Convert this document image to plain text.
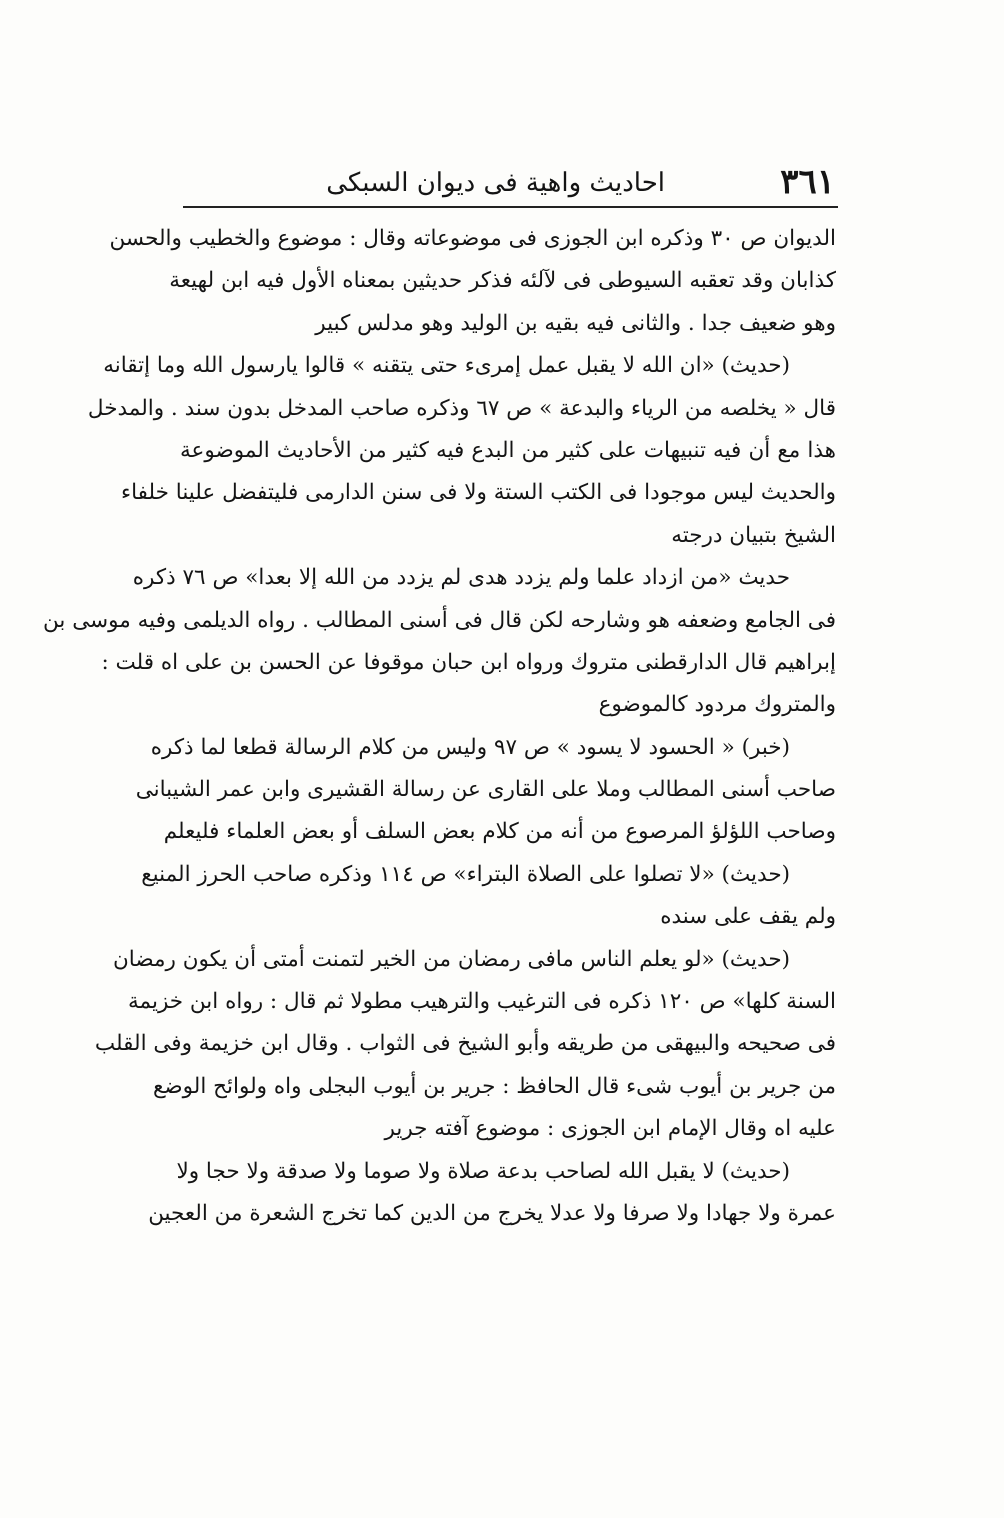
٣٦١
احاديث واهية فى ديوان السبكى
الديوان ص ٣٠ وذكره ابن الجوزى فى موضوعاته وقال : موضوع والخطيب والحسن
كذابان وقد تعقبه السيوطى فى لآلئه فذكر حديثين بمعناه الأول فيه ابن لهيعة
وهو ضعيف جدا . والثانى فيه بقيه بن الوليد وهو مدلس كبير
(حديث) «ان الله لا يقبل عمل إمرىء حتى يتقنه » قالوا يارسول الله وما إتقانه
قال « يخلصه من الرياء والبدعة » ص ٦٧ وذكره صاحب المدخل بدون سند . والمدخل
هذا مع أن فيه تنبيهات على كثير من البدع فيه كثير من الأحاديث الموضوعة
والحديث ليس موجودا فى الكتب الستة ولا فى سنن الدارمى فليتفضل علينا خلفاء
الشيخ بتبيان درجته
حديث «من ازداد علما ولم يزدد هدى لم يزدد من الله إلا بعدا» ص ٧٦ ذكره
فى الجامع وضعفه هو وشارحه لكن قال فى أسنى المطالب . رواه الديلمى وفيه موسى بن
إبراهيم قال الدارقطنى متروك ورواه ابن حبان موقوفا عن الحسن بن على اه قلت :
والمتروك مردود كالموضوع
(خبر) « الحسود لا يسود » ص ٩٧ وليس من كلام الرسالة قطعا لما ذكره
صاحب أسنى المطالب وملا على القارى عن رسالة القشيرى وابن عمر الشيبانى
وصاحب اللؤلؤ المرصوع من أنه من كلام بعض السلف أو بعض العلماء فليعلم
(حديث) «لا تصلوا على الصلاة البتراء» ص ١١٤ وذكره صاحب الحرز المنيع
ولم يقف على سنده
(حديث) «لو يعلم الناس مافى رمضان من الخير لتمنت أمتى أن يكون رمضان
السنة كلها» ص ١٢٠ ذكره فى الترغيب والترهيب مطولا ثم قال : رواه ابن خزيمة
فى صحيحه والبيهقى من طريقه وأبو الشيخ فى الثواب . وقال ابن خزيمة وفى القلب
من جرير بن أيوب شىء قال الحافظ : جرير بن أيوب البجلى واه ولوائح الوضع
عليه اه وقال الإمام ابن الجوزى : موضوع آفته جرير
(حديث) لا يقبل الله لصاحب بدعة صلاة ولا صوما ولا صدقة ولا حجا ولا
عمرة ولا جهادا ولا صرفا ولا عدلا يخرج من الدين كما تخرج الشعرة من العجين
